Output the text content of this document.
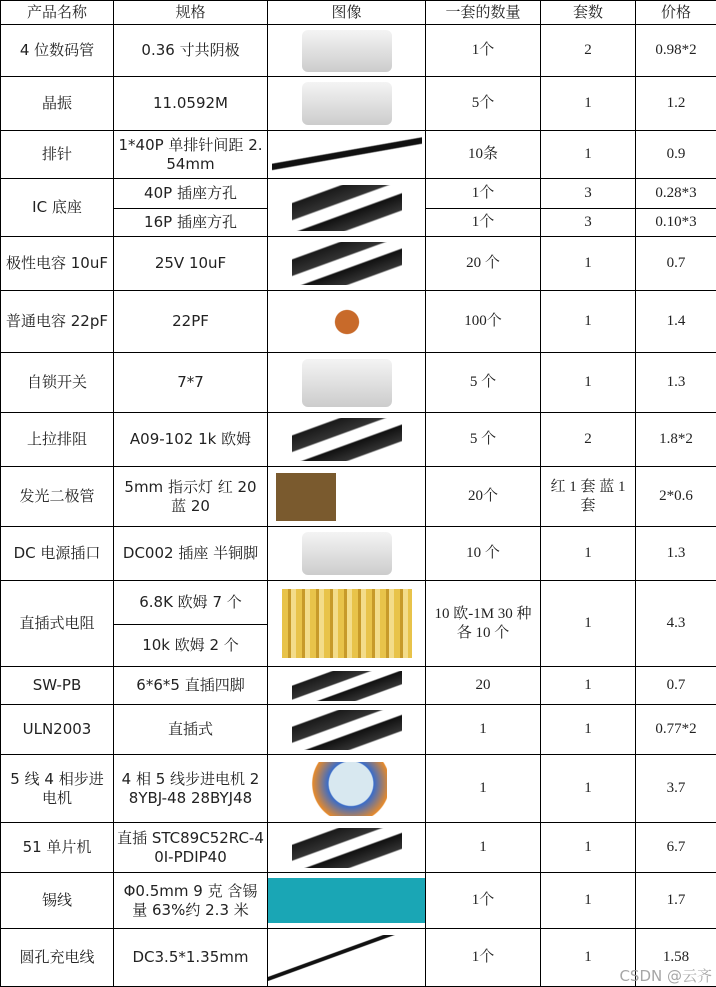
产品名称	规格	图像	一套的数量	套数	价格
4 位数码管	0.36 寸共阴极		1个	2	0.98*2
晶振	11.0592M		5个	1	1.2
排针	1*40P 单排针间距 2.54mm		10条	1	0.9
IC 底座	40P 插座方孔		1个	3	0.28*3
	16P 插座方孔		1个	3	0.10*3
极性电容 10uF	25V 10uF		20 个	1	0.7
普通电容 22pF	22PF		100个	1	1.4
自锁开关	7*7		5 个	1	1.3
上拉排阻	A09-102 1k 欧姆		5 个	2	1.8*2
发光二极管	5mm 指示灯 红 20 蓝 20		20个	红 1 套 蓝 1 套	2*0.6
DC 电源插口	DC002 插座 半铜脚		10 个	1	1.3
直插式电阻	6.8K 欧姆 7 个		10 欧-1M 30 种各 10 个	1	4.3
	10k 欧姆 2 个				
SW-PB	6*6*5 直插四脚		20	1	0.7
ULN2003	直插式		1	1	0.77*2
5 线 4 相步进电机	4 相 5 线步进电机 28YBJ-48 28BYJ48		1	1	3.7
51 单片机	直插 STC89C52RC-40I-PDIP40		1	1	6.7
锡线	Φ0.5mm 9 克 含锡量 63%约 2.3 米		1个	1	1.7
圆孔充电线	DC3.5*1.35mm		1个	1	1.58
CSDN @云齐
